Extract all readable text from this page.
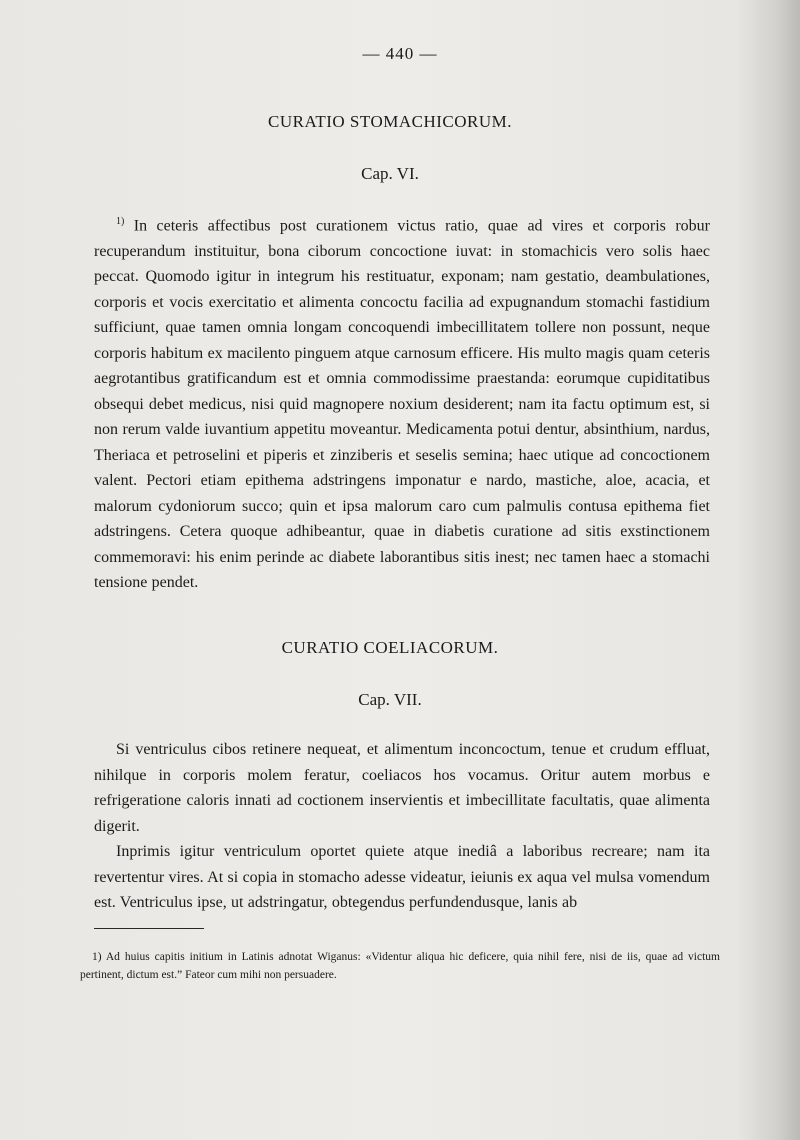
— 440 —
CURATIO STOMACHICORUM.
Cap. VI.

$^{1)}$ In ceteris affectibus post curationem victus ratio, quae ad vires et corporis robur recuperandum instituitur, bona ciborum concoctione iuvat: in stomachicis vero solis haec peccat. Quomodo igitur in integrum his restituatur, exponam; nam gestatio, deambulationes, corporis et vocis exercitatio et alimenta concoctu facilia ad expugnandum stomachi fastidium sufficiunt, quae tamen omnia longam concoquendi imbecillitatem tollere non possunt, neque corporis habitum ex macilento pinguem atque carnosum efficere. His multo magis quam ceteris aegrotantibus gratificandum est et omnia commodissime praestanda: eorumque cupiditatibus obsequi debet medicus, nisi quid magnopere noxium desiderent; nam ita factu optimum est, si non rerum valde iuvantium appetitu moveantur. Medicamenta potui dentur, absinthium, nardus, Theriaca et petroselini et piperis et zinziberis et seselis semina; haec utique ad concoctionem valent. Pectori etiam epithema adstringens imponatur e nardo, mastiche, aloe, acacia, et malorum cydoniorum succo; quin et ipsa malorum caro cum palmulis contusa epithema fiet adstringens. Cetera quoque adhibeantur, quae in diabetis curatione ad sitis exstinctionem commemoravi: his enim perinde ac diabete laborantibus sitis inest; nec tamen haec a stomachi tensione pendet.

CURATIO COELIACORUM.
Cap. VII.

Si ventriculus cibos retinere nequeat, et alimentum inconcoctum, tenue et crudum effluat, nihilque in corporis molem feratur, coeliacos hos vocamus. Oritur autem morbus e refrigeratione caloris innati ad coctionem inservientis et imbecillitate facultatis, quae alimenta digerit.

Inprimis igitur ventriculum oportet quiete atque inediâ a laboribus recreare; nam ita revertentur vires. At si copia in stomacho adesse videatur, ieiunis ex aqua vel mulsa vomendum est. Ventriculus ipse, ut adstringatur, obtegendus perfundendusque, lanis ab

1) Ad huius capitis initium in Latinis adnotat Wiganus: «Videntur aliqua hic deficere, quia nihil fere, nisi de iis, quae ad victum pertinent, dictum est.” Fateor cum mihi non persuadere.
